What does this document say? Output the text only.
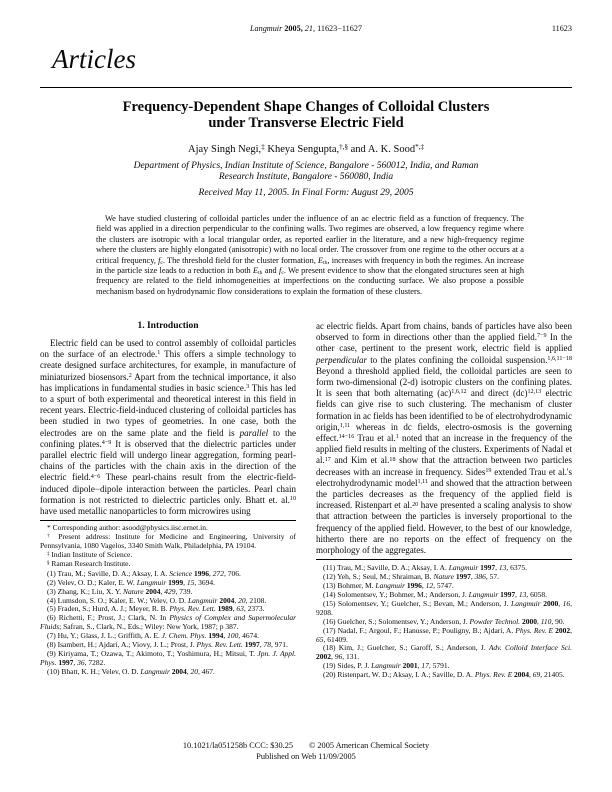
Langmuir 2005, 21, 11623−11627	11623
Articles
Frequency-Dependent Shape Changes of Colloidal Clusters
under Transverse Electric Field
Ajay Singh Negi,‡ Kheya Sengupta,†,§ and A. K. Sood*,‡
Department of Physics, Indian Institute of Science, Bangalore - 560012, India, and Raman
Research Institute, Bangalore - 560080, India
Received May 11, 2005. In Final Form: August 29, 2005
We have studied clustering of colloidal particles under the influence of an ac electric field as a function of frequency. The field was applied in a direction perpendicular to the confining walls. Two regimes are observed, a low frequency regime where the clusters are isotropic with a local triangular order, as reported earlier in the literature, and a new high-frequency regime where the clusters are highly elongated (anisotropic) with no local order. The crossover from one regime to the other occurs at a critical frequency, fc. The threshold field for the cluster formation, Eth, increases with frequency in both the regimes. An increase in the particle size leads to a reduction in both Eth and fc. We present evidence to show that the elongated structures seen at high frequency are related to the field inhomogeneities at imperfections on the conducting surface. We also propose a possible mechanism based on hydrodynamic flow considerations to explain the formation of these clusters.
1. Introduction

Electric field can be used to control assembly of colloidal particles on the surface of an electrode.$^1$ This offers a simple technology to create designed surface architectures, for example, in manufacture of miniaturized biosensors.$^2$ Apart from the technical importance, it also has implications in fundamental studies in basic science.$^3$ This has led to a spurt of both experimental and theoretical interest in this field in recent years. Electric-field-induced clustering of colloidal particles has been studied in two types of geometries. In one case, both the electrodes are on the same plate and the field is parallel to the confining plates.$^{4-9}$ It is observed that the dielectric particles under parallel electric field will undergo linear aggregation, forming pearl-chains of the particles with the chain axis in the direction of the electric field.$^{4-6}$ These pearl-chains result from the electric-field-induced dipole−dipole interaction between the particles. Pearl chain formation is not restricted to dielectric particles only. Bhatt et. al.$^{10}$ have used metallic nanoparticles to form microwires using

* Corresponding author: asood@physics.iisc.ernet.in.

† Present address: Institute for Medicine and Engineering, University of Pennsylvania, 1080 Vagelos, 3340 Smith Walk, Philadelphia, PA 19104.

‡ Indian Institute of Science.

§ Raman Research Institute.

(1) Trau, M.; Saville, D. A.; Aksay, I. A. Science 1996, 272, 706.

(2) Velev, O. D.; Kaler, E. W. Langmuir 1999, 15, 3694.

(3) Zhang, K.; Liu, X. Y. Nature 2004, 429, 739.

(4) Lumsdon, S. O.; Kaler, E. W.; Velev, O. D. Langmuir 2004, 20, 2108.

(5) Fraden, S.; Hurd, A. J.; Meyer, R. B. Phys. Rev. Lett. 1989, 63, 2373.

(6) Richetti, F.; Prost, J.; Clark, N. In Physics of Complex and Supermolecular Fluids; Safran, S., Clark, N., Eds.; Wiley: New York, 1987; p 387.

(7) Hu, Y.; Glass, J. L.; Griffith, A. E. J. Chem. Phys. 1994, 100, 4674.

(8) Isambert, H.; Ajdari, A.; Viovy, J. L.; Prost, J. Phys. Rev. Lett. 1997, 78, 971.

(9) Kiriyama, T.; Ozawa, T.; Akimoto, T.; Yoshimura, H.; Mitsui, T. Jpn. J. Appl. Phys. 1997, 36, 7282.

(10) Bhatt, K. H.; Velev, O. D. Langmuir 2004, 20, 467.

ac electric fields. Apart from chains, bands of particles have also been observed to form in directions other than the applied field.$^{7-9}$ In the other case, pertinent to the present work, electric field is applied perpendicular to the plates confining the colloidal suspension.$^{1,6,11-18}$ Beyond a threshold applied field, the colloidal particles are seen to form two-dimensional (2-d) isotropic clusters on the confining plates. It is seen that both alternating (ac)$^{1,6,12}$ and direct (dc)$^{12,13}$ electric fields can give rise to such clustering. The mechanism of cluster formation in ac fields has been identified to be of electrohydrodynamic origin,$^{1,11}$ whereas in dc fields, electro-osmosis is the governing effect.$^{14-16}$ Trau et al.$^1$ noted that an increase in the frequency of the applied field results in melting of the clusters. Experiments of Nadal et al.$^{17}$ and Kim et al.$^{18}$ show that the attraction between two particles decreases with an increase in frequency. Sides$^{19}$ extended Trau et al.'s electrohydrodynamic model$^{1,11}$ and showed that the attraction between the particles decreases as the frequency of the applied field is increased. Ristenpart et al.$^{20}$ have presented a scaling analysis to show that attraction between the particles is inversely proportional to the frequency of the applied field. However, to the best of our knowledge, hitherto there are no reports on the effect of frequency on the morphology of the aggregates.

(11) Trau, M.; Saville, D. A.; Aksay, I. A. Langmuir 1997, 13, 6375.

(12) Yeh, S.; Seul, M.; Shraiman, B. Nature 1997, 386, 57.

(13) Bohmer, M. Langmuir 1996, 12, 5747.

(14) Solomentsev, Y.; Bohmer, M.; Anderson, J. Langmuir 1997, 13, 6058.

(15) Solomentsev, Y.; Guelcher, S.; Bevan, M.; Anderson, J. Langmuir 2000, 16, 9208.

(16) Guelcher, S.; Solomentsev, Y.; Anderson, J. Powder Technol. 2000, 110, 90.

(17) Nadal, F.; Argoul, F.; Hanusse, P.; Pouligny, B.; Ajdari, A. Phys. Rev. E 2002, 65, 61409.

(18) Kim, J.; Guelcher, S.; Garoff, S.; Anderson, J. Adv. Colloid Interface Sci. 2002, 96, 131.

(19) Sides, P. J. Langmuir 2001, 17, 5791.

(20) Ristenpart, W. D.; Aksay, I. A.; Saville, D. A. Phys. Rev. E 2004, 69, 21405.

10.1021/la051258b CCC: $30.25 © 2005 American Chemical Society
Published on Web 11/09/2005
